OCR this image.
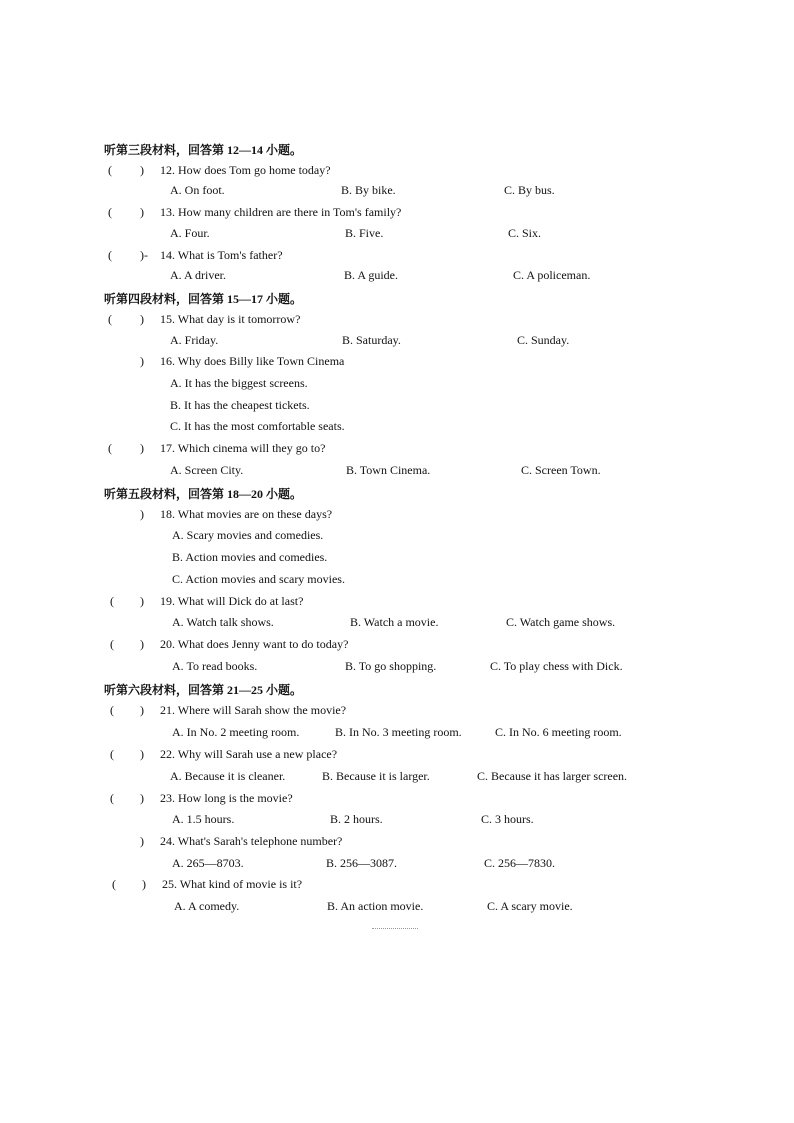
听第三段材料，回答第 12—14 小题。
( ) 12. How does Tom go home today?
A. On foot.	B. By bike.	C. By bus.
( ) 13. How many children are there in Tom's family?
A. Four.	B. Five.	C. Six.
( )- 14. What is Tom's father?
A. A driver.	B. A guide.	C. A policeman.
听第四段材料，回答第 15—17 小题。
( ) 15. What day is it tomorrow?
A. Friday.	B. Saturday.	C. Sunday.
) 16. Why does Billy like Town Cinema
A. It has the biggest screens.
B. It has the cheapest tickets.
C. It has the most comfortable seats.
( ) 17. Which cinema will they go to?
A. Screen City.	B. Town Cinema.	C. Screen Town.
听第五段材料，回答第 18—20 小题。
) 18. What movies are on these days?
A. Scary movies and comedies.
B. Action movies and comedies.
C. Action movies and scary movies.
( ) 19. What will Dick do at last?
A. Watch talk shows.	B. Watch a movie.	C. Watch game shows.
( ) 20. What does Jenny want to do today?
A. To read books.	B. To go shopping.	C. To play chess with Dick.
听第六段材料，回答第 21—25 小题。
( ) 21. Where will Sarah show the movie?
A. In No. 2 meeting room.	B. In No. 3 meeting room.	C. In No. 6 meeting room.
( ) 22. Why will Sarah use a new place?
A. Because it is cleaner.	B. Because it is larger.	C. Because it has larger screen.
( ) 23. How long is the movie?
A. 1.5 hours.	B. 2 hours.	C. 3 hours.
) 24. What's Sarah's telephone number?
A. 265—8703.	B. 256—3087.	C. 256—7830.
( ) 25. What kind of movie is it?
A. A comedy.	B. An action movie.	C. A scary movie.
